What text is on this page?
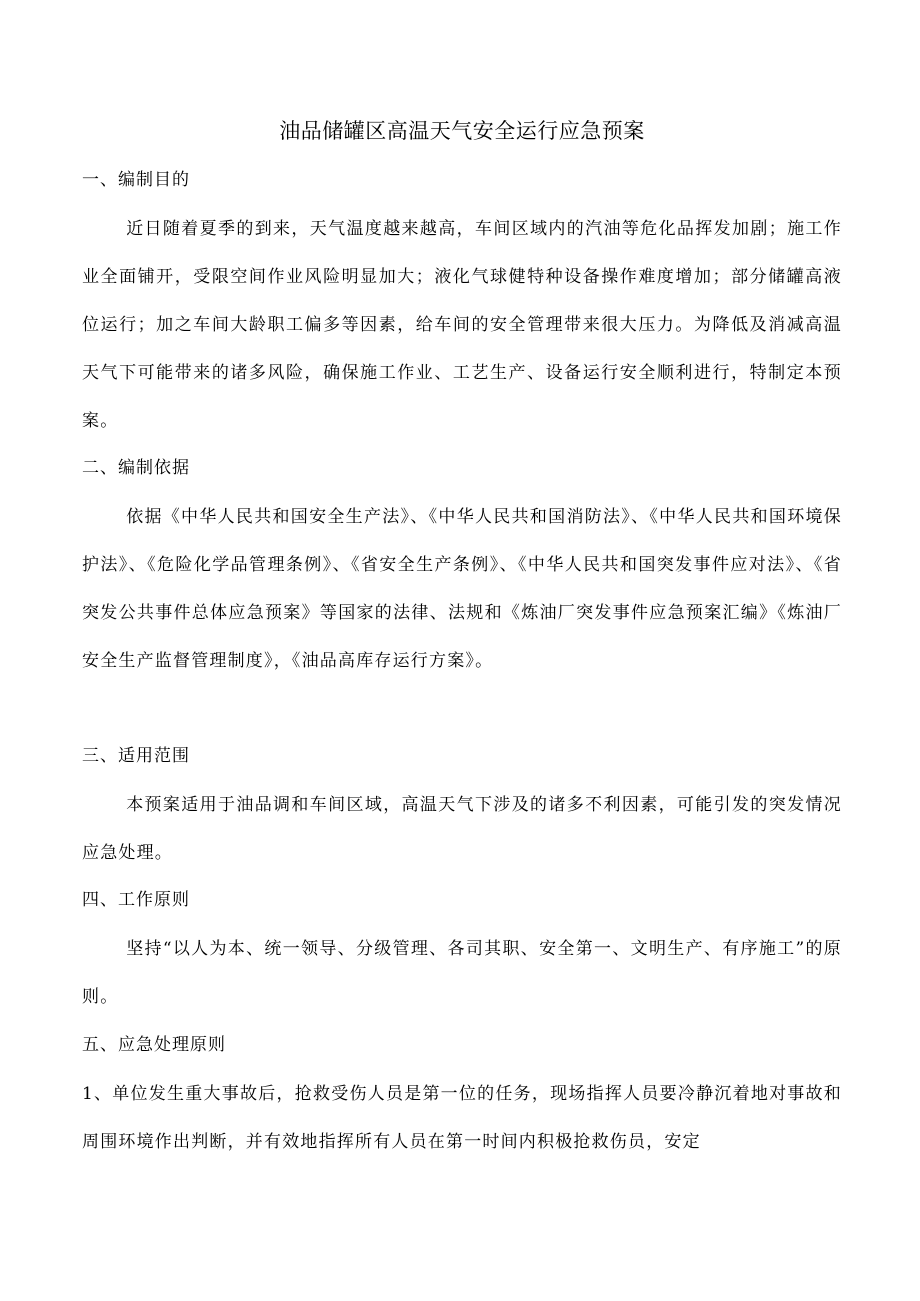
油品储罐区高温天气安全运行应急预案
一、编制目的
近日随着夏季的到来，天气温度越来越高，车间区域内的汽油等危化品挥发加剧；施工作业全面铺开，受限空间作业风险明显加大；液化气球健特种设备操作难度增加；部分储罐高液位运行；加之车间大龄职工偏多等因素，给车间的安全管理带来很大压力。为降低及消减高温天气下可能带来的诸多风险，确保施工作业、工艺生产、设备运行安全顺利进行，特制定本预案。
二、编制依据
依据《中华人民共和国安全生产法》、《中华人民共和国消防法》、《中华人民共和国环境保护法》、《危险化学品管理条例》、《省安全生产条例》、《中华人民共和国突发事件应对法》、《省突发公共事件总体应急预案》等国家的法律、法规和《炼油厂突发事件应急预案汇编》《炼油厂安全生产监督管理制度》，《油品高库存运行方案》。
三、适用范围
本预案适用于油品调和车间区域，高温天气下涉及的诸多不利因素，可能引发的突发情况应急处理。
四、工作原则
坚持“以人为本、统一领导、分级管理、各司其职、安全第一、文明生产、有序施工”的原则。
五、应急处理原则
1、单位发生重大事故后，抢救受伤人员是第一位的任务，现场指挥人员要冷静沉着地对事故和周围环境作出判断，并有效地指挥所有人员在第一时间内积极抢救伤员，安定
